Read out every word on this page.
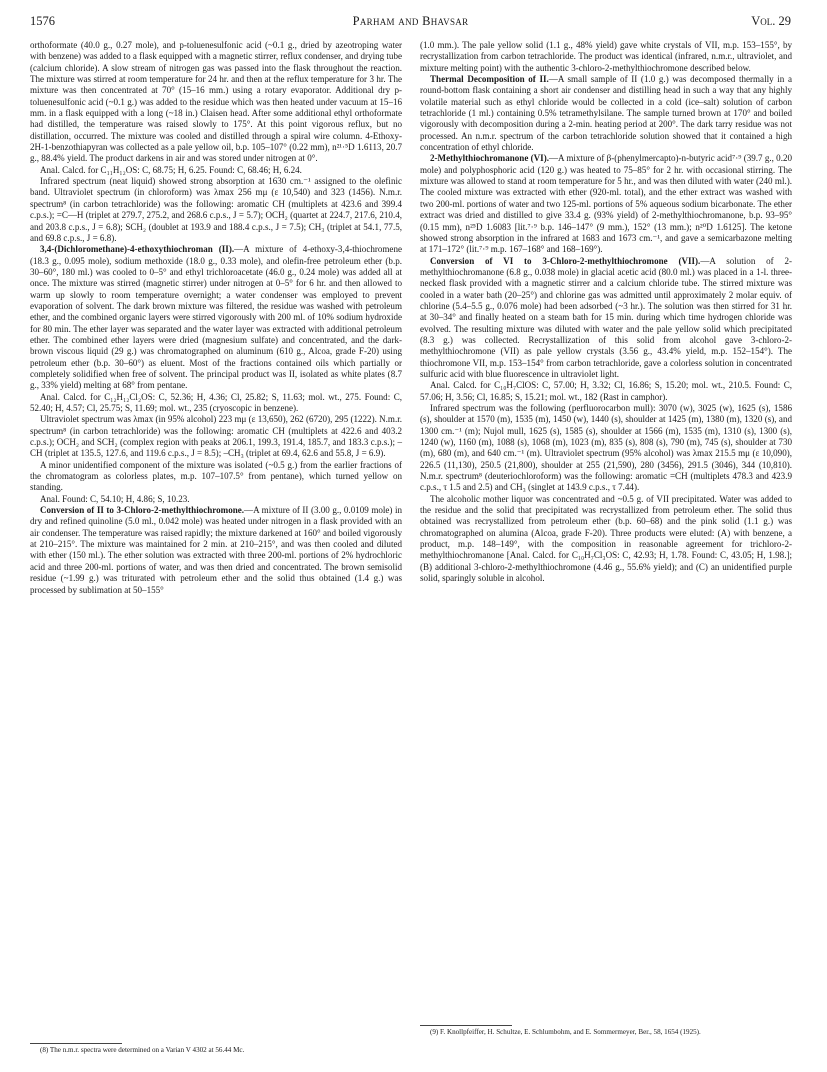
1576	Parham and Bhavsar	Vol. 29

orthoformate (40.0 g., 0.27 mole), and p-toluenesulfonic acid (~0.1 g., dried by azeotroping water with benzene) was added to a flask equipped with a magnetic stirrer, reflux condenser, and drying tube (calcium chloride). A slow stream of nitrogen gas was passed into the flask throughout the reaction. The mixture was stirred at room temperature for 24 hr. and then at the reflux temperature for 3 hr. The mixture was then concentrated at 70° (15–16 mm.) using a rotary evaporator. Additional dry p-toluenesulfonic acid (~0.1 g.) was added to the residue which was then heated under vacuum at 15–16 mm. in a flask equipped with a long (~18 in.) Claisen head. After some additional ethyl orthoformate had distilled, the temperature was raised slowly to 175°. At this point vigorous reflux, but no distillation, occurred. The mixture was cooled and distilled through a spiral wire column. 4-Ethoxy-2H-1-benzothiapyran was collected as a pale yellow oil, b.p. 105–107° (0.22 mm), n²¹·⁵D 1.6113, 20.7 g., 88.4% yield. The product darkens in air and was stored under nitrogen at 0°.

Anal. Calcd. for C₁₁H₁₂OS: C, 68.75; H, 6.25. Found: C, 68.46; H, 6.24.

Infrared spectrum (neat liquid) showed strong absorption at 1630 cm.⁻¹ assigned to the olefinic band. Ultraviolet spectrum (in chloroform) was λmax 256 mμ (ε 10,540) and 323 (1456). N.m.r. spectrum⁸ (in carbon tetrachloride) was the following: aromatic CH (multiplets at 423.6 and 399.4 c.p.s.); =C—H (triplet at 279.7, 275.2, and 268.6 c.p.s., J = 5.7); OCH₂ (quartet at 224.7, 217.6, 210.4, and 203.8 c.p.s., J = 6.8); SCH₂ (doublet at 193.9 and 188.4 c.p.s., J = 7.5); CH₃ (triplet at 54.1, 77.5, and 69.8 c.p.s., J = 6.8).

3,4-(Dichloromethane)-4-ethoxythiochroman (II).—A mixture of 4-ethoxy-3,4-thiochromene (18.3 g., 0.095 mole), sodium methoxide (18.0 g., 0.33 mole), and olefin-free petroleum ether (b.p. 30–60°, 180 ml.) was cooled to 0–5° and ethyl trichloroacetate (46.0 g., 0.24 mole) was added all at once. The mixture was stirred (magnetic stirrer) under nitrogen at 0–5° for 6 hr. and then allowed to warm up slowly to room temperature overnight; a water condenser was employed to prevent evaporation of solvent. The dark brown mixture was filtered, the residue was washed with petroleum ether, and the combined organic layers were stirred vigorously with 200 ml. of 10% sodium hydroxide for 80 min. The ether layer was separated and the water layer was extracted with additional petroleum ether. The combined ether layers were dried (magnesium sulfate) and concentrated, and the dark-brown viscous liquid (29 g.) was chromatographed on aluminum (610 g., Alcoa, grade F-20) using petroleum ether (b.p. 30–60°) as eluent. Most of the fractions contained oils which partially or completely solidified when free of solvent. The principal product was II, isolated as white plates (8.7 g., 33% yield) melting at 68° from pentane.

Anal. Calcd. for C₁₂H₁₂Cl₂OS: C, 52.36; H, 4.36; Cl, 25.82; S, 11.63; mol. wt., 275. Found: C, 52.40; H, 4.57; Cl, 25.75; S, 11.69; mol. wt., 235 (cryoscopic in benzene).

Ultraviolet spectrum was λmax (in 95% alcohol) 223 mμ (ε 13,650), 262 (6720), 295 (1222). N.m.r. spectrum⁸ (in carbon tetrachloride) was the following: aromatic CH (multiplets at 422.6 and 403.2 c.p.s.); OCH₂ and SCH₂ (complex region with peaks at 206.1, 199.3, 191.4, 185.7, and 183.3 c.p.s.); –CH (triplet at 135.5, 127.6, and 119.6 c.p.s., J = 8.5); –CH₃ (triplet at 69.4, 62.6 and 55.8, J = 6.9).

A minor unidentified component of the mixture was isolated (~0.5 g.) from the earlier fractions of the chromatogram as colorless plates, m.p. 107–107.5° from pentane), which turned yellow on standing.

Anal. Found: C, 54.10; H, 4.86; S, 10.23.

Conversion of II to 3-Chloro-2-methylthiochromone.—A mixture of II (3.00 g., 0.0109 mole) in dry and refined quinoline (5.0 ml., 0.042 mole) was heated under nitrogen in a flask provided with an air condenser. The temperature was raised rapidly; the mixture darkened at 160° and boiled vigorously at 210–215°. The mixture was maintained for 2 min. at 210–215°, and was then cooled and diluted with ether (150 ml.). The ether solution was extracted with three 200-ml. portions of 2% hydrochloric acid and three 200-ml. portions of water, and was then dried and concentrated. The brown semisolid residue (~1.99 g.) was triturated with petroleum ether and the solid thus obtained (1.4 g.) was processed by sublimation at 50–155°

(1.0 mm.). The pale yellow solid (1.1 g., 48% yield) gave white crystals of VII, m.p. 153–155°, by recrystallization from carbon tetrachloride. The product was identical (infrared, n.m.r., ultraviolet, and mixture melting point) with the authentic 3-chloro-2-methylthiochromone described below.

Thermal Decomposition of II.—A small sample of II (1.0 g.) was decomposed thermally in a round-bottom flask containing a short air condenser and distilling head in such a way that any highly volatile material such as ethyl chloride would be collected in a cold (ice–salt) solution of carbon tetrachloride (1 ml.) containing 0.5% tetramethylsilane. The sample turned brown at 170° and boiled vigorously with decomposition during a 2-min. heating period at 200°. The dark tarry residue was not processed. An n.m.r. spectrum of the carbon tetrachloride solution showed that it contained a high concentration of ethyl chloride.

2-Methylthiochromanone (VI).—A mixture of β-(phenylmercapto)-n-butyric acid⁷·⁹ (39.7 g., 0.20 mole) and polyphosphoric acid (120 g.) was heated to 75–85° for 2 hr. with occasional stirring. The mixture was allowed to stand at room temperature for 5 hr., and was then diluted with water (240 ml.). The cooled mixture was extracted with ether (920-ml. total), and the ether extract was washed with two 200-ml. portions of water and two 125-ml. portions of 5% aqueous sodium bicarbonate. The ether extract was dried and distilled to give 33.4 g. (93% yield) of 2-methylthiochromanone, b.p. 93–95° (0.15 mm), n²⁵D 1.6083 [lit.⁷·⁹ b.p. 146–147° (9 mm.), 152° (13 mm.); n²⁰D 1.6125]. The ketone showed strong absorption in the infrared at 1683 and 1673 cm.⁻¹, and gave a semicarbazone melting at 171–172° (lit.⁷·⁹ m.p. 167–168° and 168–169°).

Conversion of VI to 3-Chloro-2-methylthiochromone (VII).—A solution of 2-methylthiochromanone (6.8 g., 0.038 mole) in glacial acetic acid (80.0 ml.) was placed in a 1-l. three-necked flask provided with a magnetic stirrer and a calcium chloride tube. The stirred mixture was cooled in a water bath (20–25°) and chlorine gas was admitted until approximately 2 molar equiv. of chlorine (5.4–5.5 g., 0.076 mole) had been adsorbed (~3 hr.). The solution was then stirred for 31 hr. at 30–34° and finally heated on a steam bath for 15 min. during which time hydrogen chloride was evolved. The resulting mixture was diluted with water and the pale yellow solid which precipitated (8.3 g.) was collected. Recrystallization of this solid from alcohol gave 3-chloro-2-methylthiochromone (VII) as pale yellow crystals (3.56 g., 43.4% yield, m.p. 152–154°). The thiochromone VII, m.p. 153–154° from carbon tetrachloride, gave a colorless solution in concentrated sulfuric acid with blue fluorescence in ultraviolet light.

Anal. Calcd. for C₁₀H₇ClOS: C, 57.00; H, 3.32; Cl, 16.86; S, 15.20; mol. wt., 210.5. Found: C, 57.06; H, 3.56; Cl, 16.85; S, 15.21; mol. wt., 182 (Rast in camphor).

Infrared spectrum was the following (perfluorocarbon mull): 3070 (w), 3025 (w), 1625 (s), 1586 (s), shoulder at 1570 (m), 1535 (m), 1450 (w), 1440 (s), shoulder at 1425 (m), 1380 (m), 1320 (s), and 1300 cm.⁻¹ (m); Nujol mull, 1625 (s), 1585 (s), shoulder at 1566 (m), 1535 (m), 1310 (s), 1300 (s), 1240 (w), 1160 (m), 1088 (s), 1068 (m), 1023 (m), 835 (s), 808 (s), 790 (m), 745 (s), shoulder at 730 (m), 680 (m), and 640 cm.⁻¹ (m). Ultraviolet spectrum (95% alcohol) was λmax 215.5 mμ (ε 10,090), 226.5 (11,130), 250.5 (21,800), shoulder at 255 (21,590), 280 (3456), 291.5 (3046), 344 (10,810). N.m.r. spectrum⁸ (deuteriochloroform) was the following: aromatic =CH (multiplets 478.3 and 423.9 c.p.s., τ 1.5 and 2.5) and CH₃ (singlet at 143.9 c.p.s., τ 7.44).

The alcoholic mother liquor was concentrated and ~0.5 g. of VII precipitated. Water was added to the residue and the solid that precipitated was recrystallized from petroleum ether. The solid thus obtained was recrystallized from petroleum ether (b.p. 60–68) and the pink solid (1.1 g.) was chromatographed on alumina (Alcoa, grade F-20). Three products were eluted: (A) with benzene, a product, m.p. 148–149°, with the composition in reasonable agreement for trichloro-2-methylthiochromanone [Anal. Calcd. for C₁₀H₇Cl₃OS: C, 42.93; H, 1.78. Found: C, 43.05; H, 1.98.]; (B) additional 3-chloro-2-methylthiochromone (4.46 g., 55.6% yield); and (C) an unidentified purple solid, sparingly soluble in alcohol.

(8) The n.m.r. spectra were determined on a Varian V 4302 at 56.44 Mc.
(9) F. Knollpfeiffer, H. Schultze, E. Schlumbohm, and E. Sommermeyer, Ber., 58, 1654 (1925).
